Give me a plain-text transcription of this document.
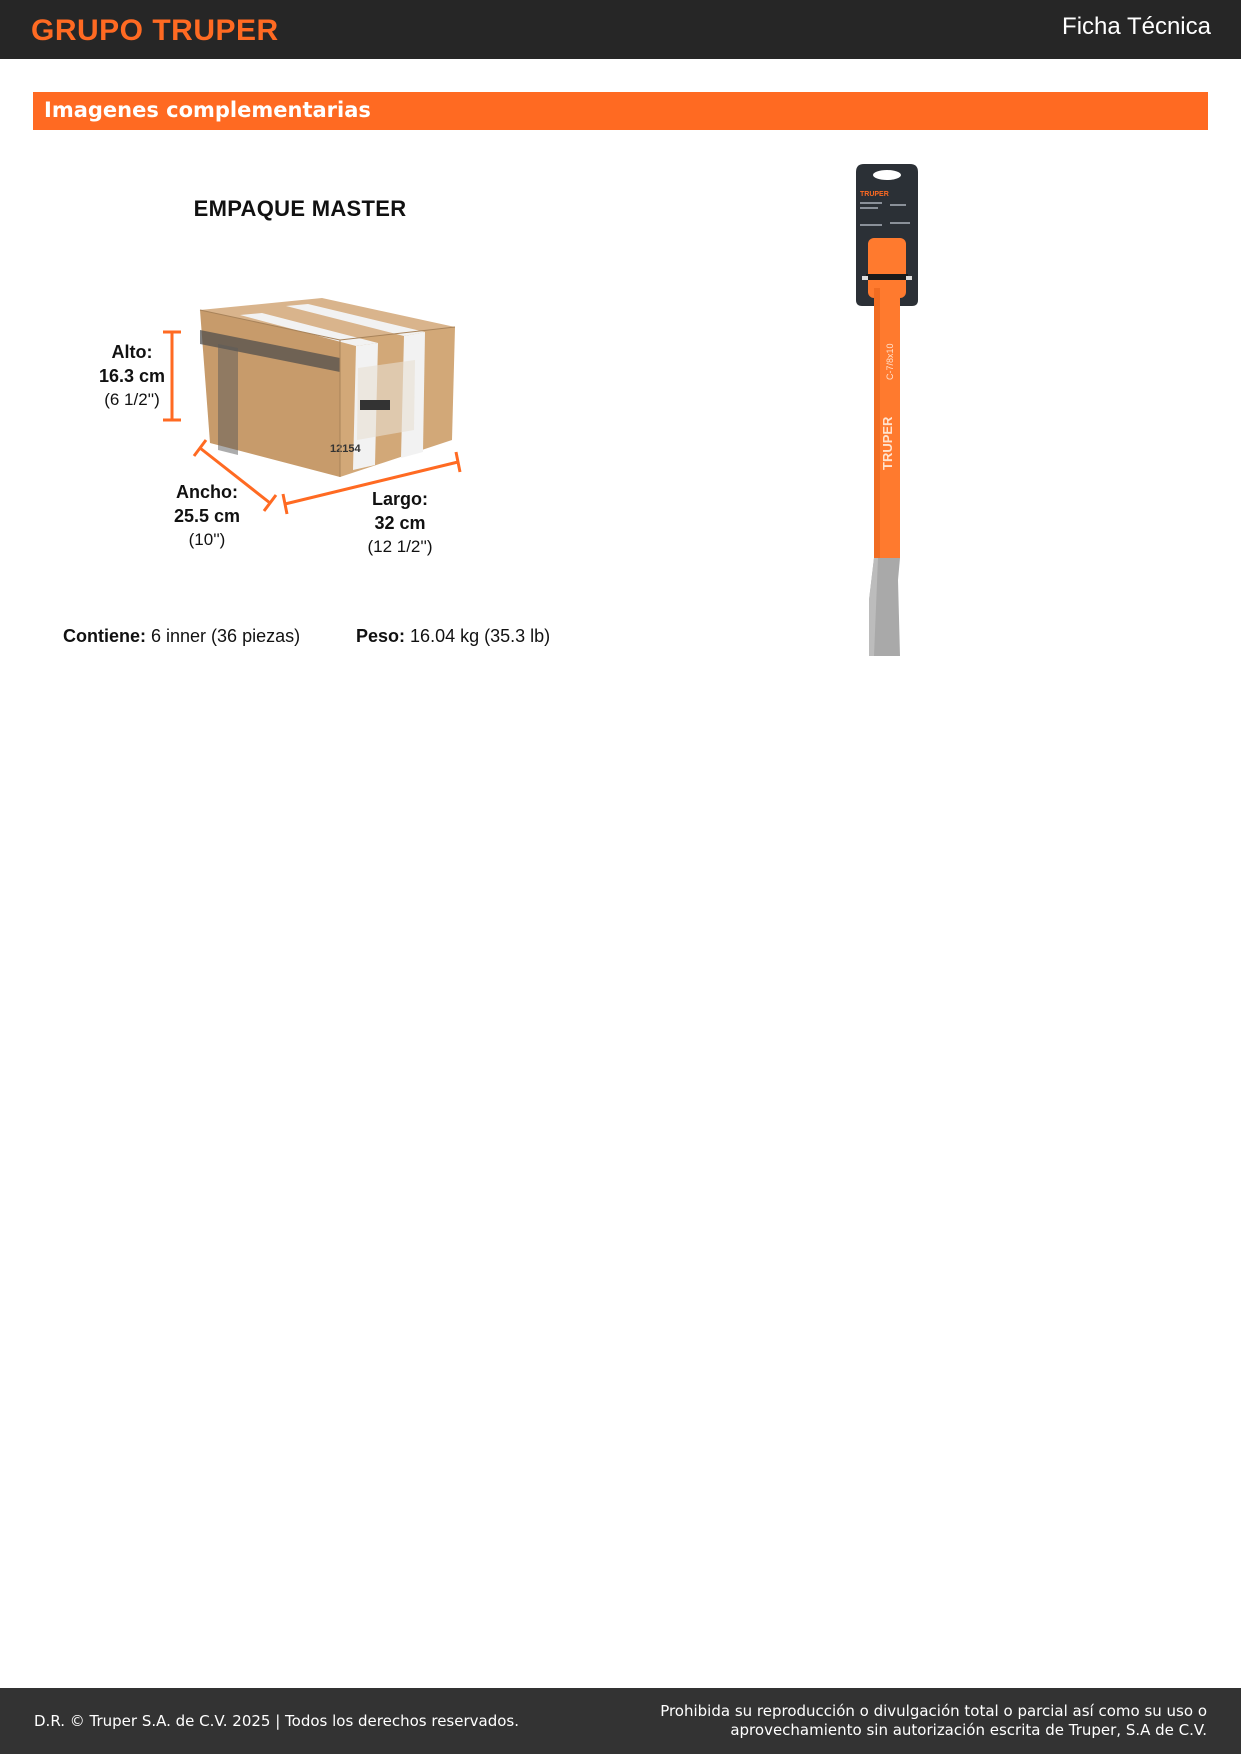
GRUPO TRUPER	Ficha Técnica
Imagenes complementarias
EMPAQUE MASTER
12154
Alto:
16.3 cm
(6 1/2'')
Ancho:
25.5 cm
(10'')
Largo:
32 cm
(12 1/2'')
Contiene: 6 inner (36 piezas)	Peso: 16.04 kg (35.3 lb)
TRUPER
TRUPER
C-7/8x10
D.R. © Truper S.A. de C.V. 2025 | Todos los derechos reservados.
Prohibida su reproducción o divulgación total o parcial así como su uso o
aprovechamiento sin autorización escrita de Truper, S.A de C.V.
